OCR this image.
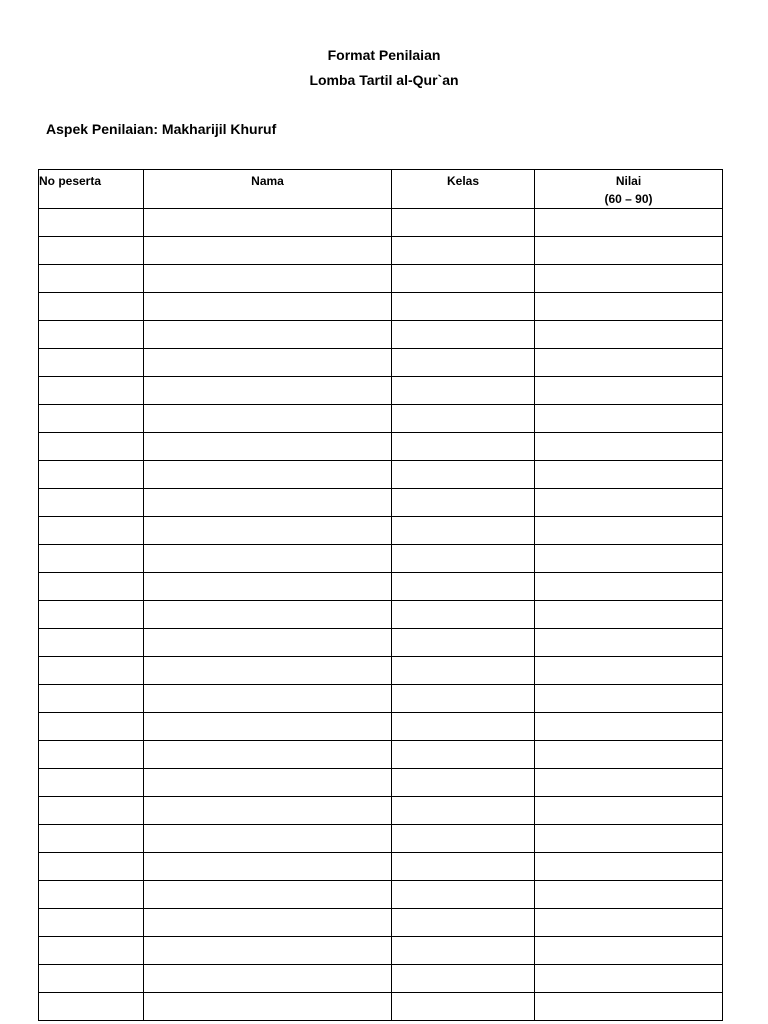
Format Penilaian
Lomba Tartil al-Qur`an
Aspek Penilaian: Makharijil Khuruf
No peserta	Nama	Kelas	Nilai
(60 – 90)
